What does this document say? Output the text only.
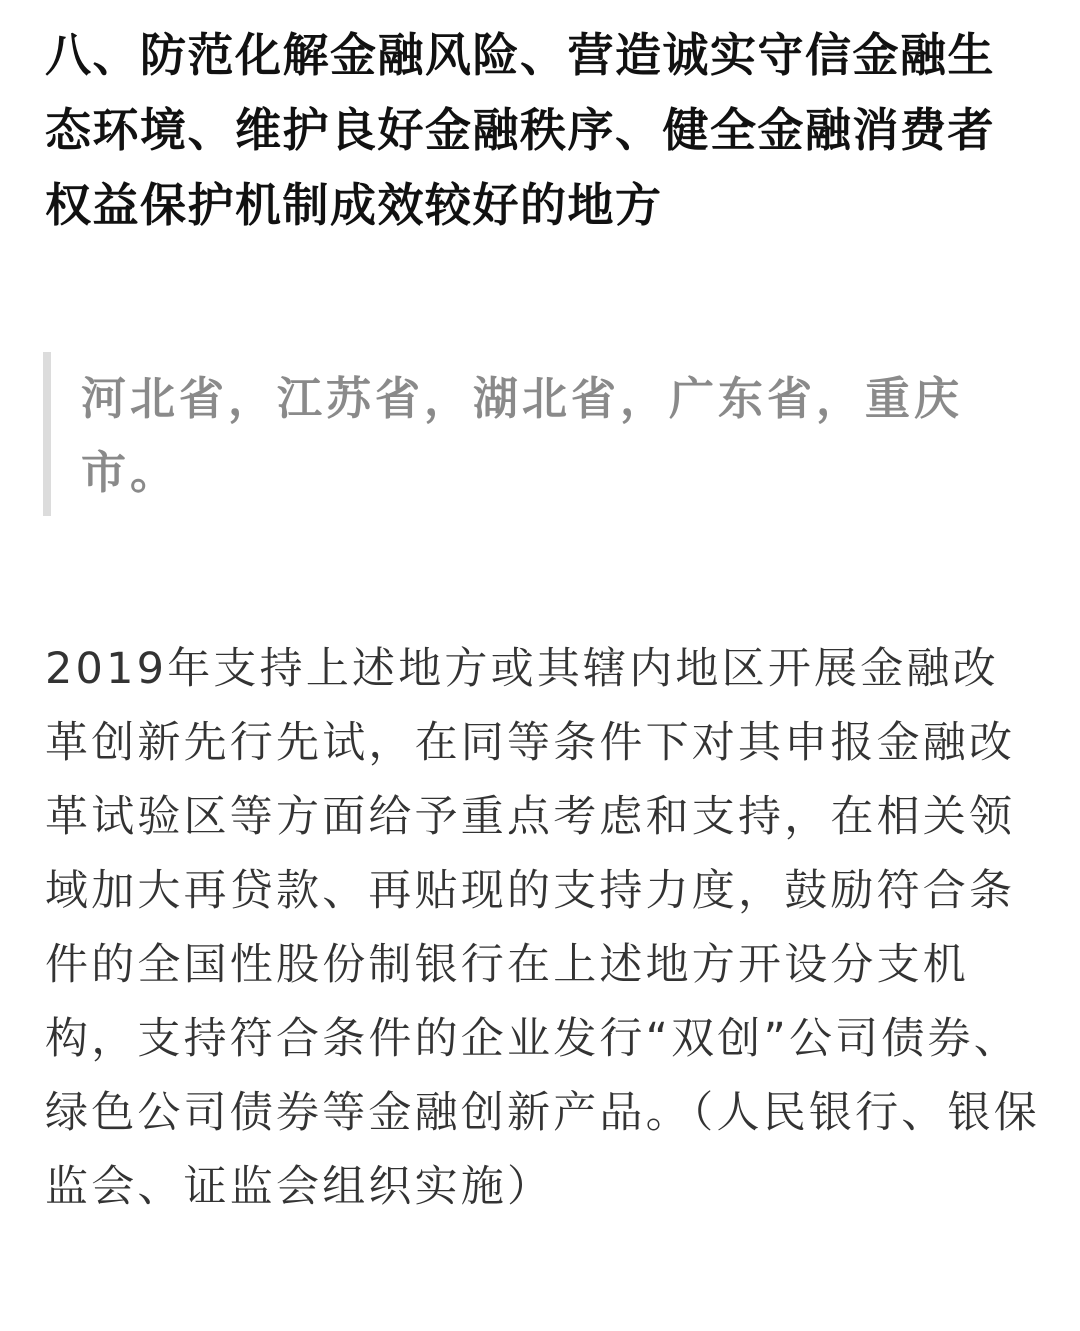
八、防范化解金融风险、营造诚实守信金融生态环境、维护良好金融秩序、健全金融消费者权益保护机制成效较好的地方

河北省，江苏省，湖北省，广东省，重庆市。

2019年支持上述地方或其辖内地区开展金融改革创新先行先试，在同等条件下对其申报金融改革试验区等方面给予重点考虑和支持，在相关领域加大再贷款、再贴现的支持力度，鼓励符合条件的全国性股份制银行在上述地方开设分支机构，支持符合条件的企业发行“双创”公司债券、绿色公司债券等金融创新产品。（人民银行、银保监会、证监会组织实施）
